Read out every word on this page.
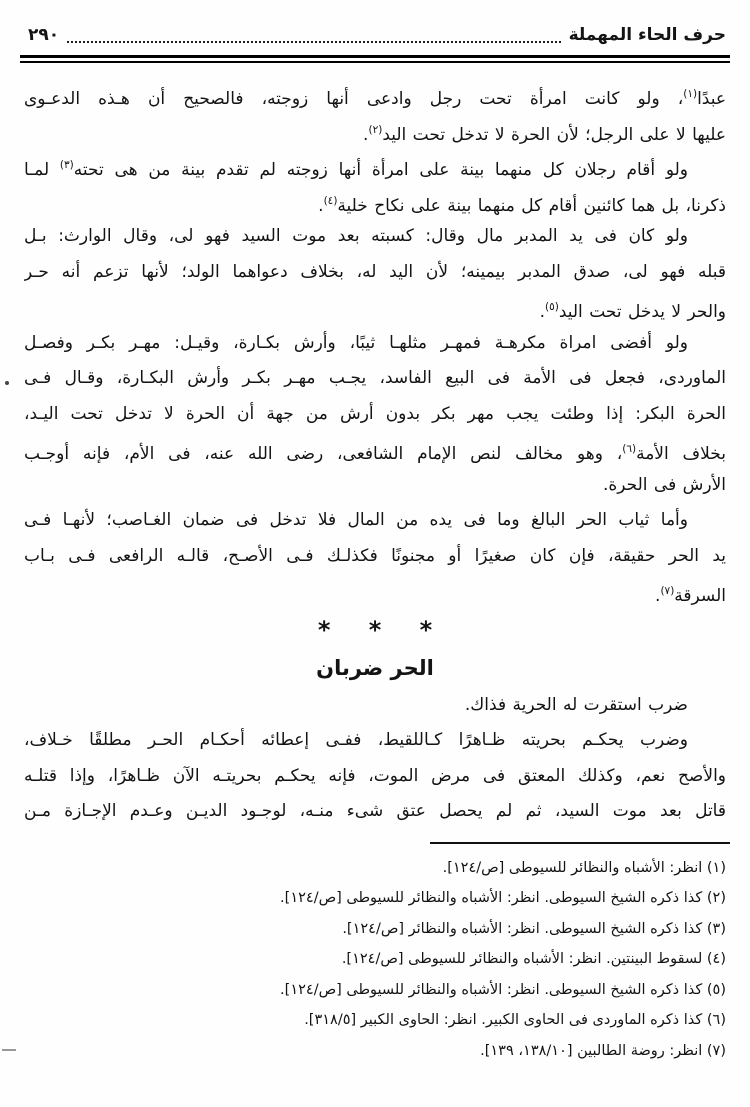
حرف الحاء المهملة
٢٩٠
عبدًا$^{(١)}$، ولو كانت امرأة تحت رجل وادعى أنها زوجته، فالصحيح أن هـذه الدعـوى
عليها لا على الرجل؛ لأن الحرة لا تدخل تحت اليد$^{(٢)}$.
ولو أقام رجلان كل منهما بينة على امرأة أنها زوجته لم تقدم بينة من هى تحته$^{(٣)}$ لمـا
ذكرنا، بل هما كائنين أقام كل منهما بينة على نكاح خلية$^{(٤)}$.
ولو كان فى يد المدبر مال وقال: كسبته بعد موت السيد فهو لى، وقال الوارث: بـل
قبله فهو لى، صدق المدبر بيمينه؛ لأن اليد له، بخلاف دعواهما الولد؛ لأنها تزعم أنه حـر
والحر لا يدخل تحت اليد$^{(٥)}$.
ولو أفضى امراة مكرهـة فمهـر مثلهـا ثيبًا، وأرش بكـارة، وقيـل: مهـر بكـر وفصـل
الماوردى، فجعل فى الأمة فى البيع الفاسد، يجـب مهـر بكـر وأرش البكـارة، وقـال فـى
الحرة البكر: إذا وطئت يجب مهر بكر بدون أرش من جهة أن الحرة لا تدخل تحت اليـد،
بخلاف الأمة$^{(٦)}$، وهو مخالف لنص الإمام الشافعى، رضى الله عنه، فى الأم، فإنه أوجـب
الأرش فى الحرة.
وأما ثياب الحر البالغ وما فى يده من المال فلا تدخل فى ضمان الغـاصب؛ لأنهـا فـى
يد الحر حقيقة، فإن كان صغيرًا أو مجنونًا فكذلـك فـى الأصـح، قالـه الرافعى فـى بـاب
السرقة$^{(٧)}$.
* * *
الحر ضربان
ضرب استقرت له الحرية فذاك.
وضرب يحكـم بحريته ظـاهرًا كـاللقيط، ففـى إعطائه أحكـام الحـر مطلقًا خـلاف،
والأصح نعم، وكذلك المعتق فى مرض الموت، فإنه يحكـم بحريتـه الآن ظـاهرًا، وإذا قتلـه
قاتل بعد موت السيد، ثم لم يحصل عتق شىء منـه، لوجـود الديـن وعـدم الإجـازة مـن
(١) انظر: الأشباه والنظائر للسيوطى [ص/١٢٤].
(٢) كذا ذكره الشيخ السيوطى. انظر: الأشباه والنظائر للسيوطى [ص/١٢٤].
(٣) كذا ذكره الشيخ السيوطى. انظر: الأشباه والنظائر [ص/١٢٤].
(٤) لسقوط البينتين. انظر: الأشباه والنظائر للسيوطى [ص/١٢٤].
(٥) كذا ذكره الشيخ السيوطى. انظر: الأشباه والنظائر للسيوطى [ص/١٢٤].
(٦) كذا ذكره الماوردى فى الحاوى الكبير. انظر: الحاوى الكبير [٣١٨/٥].
(٧) انظر: روضة الطالبين [١٣٨/١٠، ١٣٩].
